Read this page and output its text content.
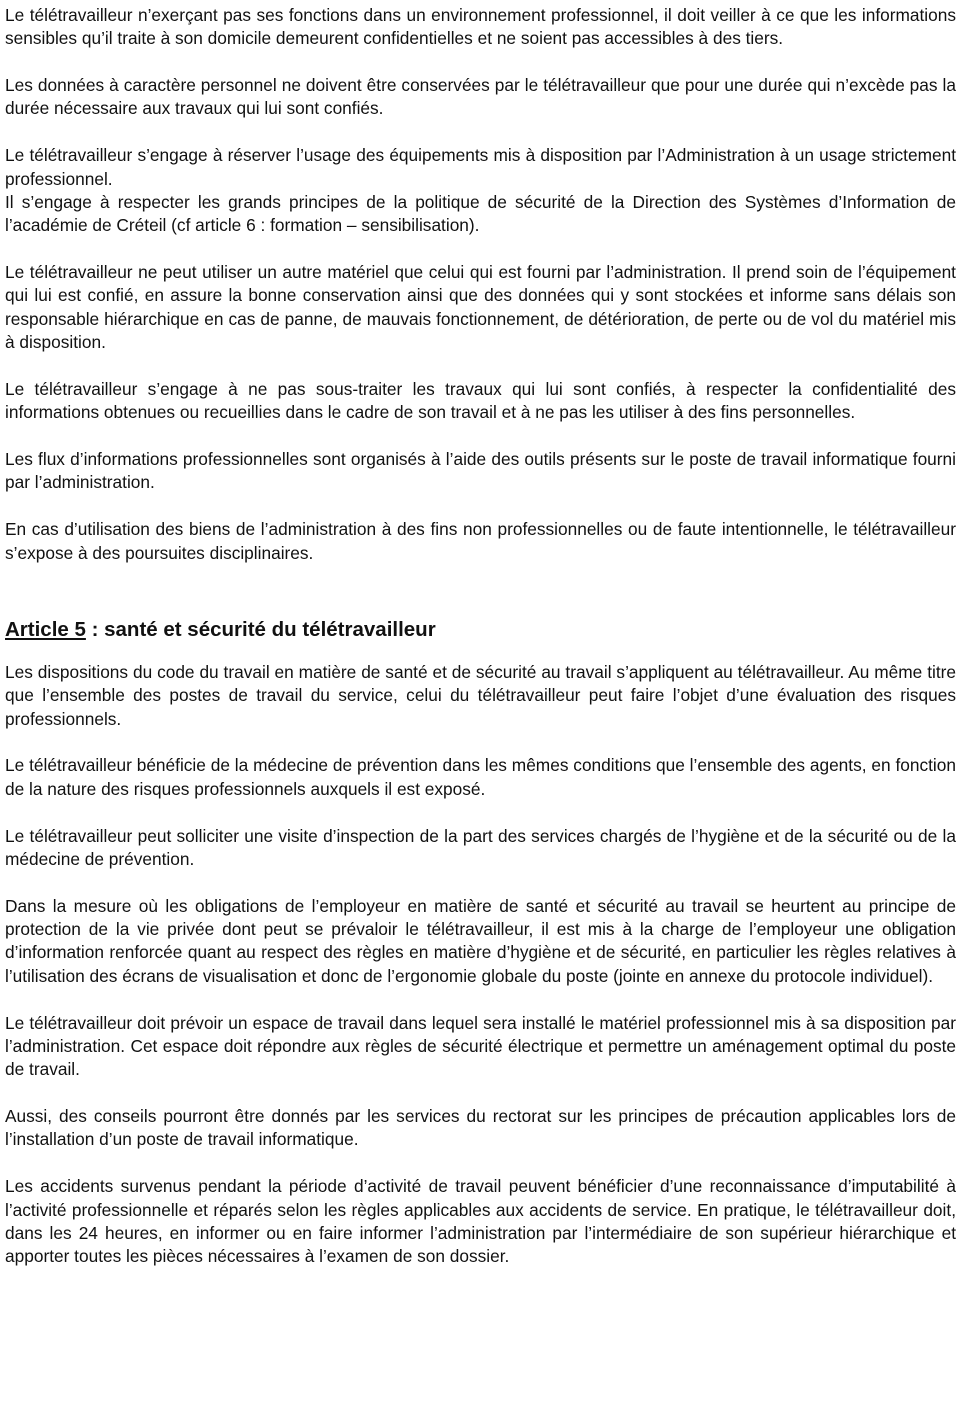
Le télétravailleur n’exerçant pas ses fonctions dans un environnement professionnel, il doit veiller à ce que les informations sensibles qu’il traite à son domicile demeurent confidentielles et ne soient pas accessibles à des tiers.

Les données à caractère personnel ne doivent être conservées par le télétravailleur que pour une durée qui n’excède pas la durée nécessaire aux travaux qui lui sont confiés.

Le télétravailleur s’engage à réserver l’usage des équipements mis à disposition par l’Administration à un usage strictement professionnel.

Il s’engage à respecter les grands principes de la politique de sécurité de la Direction des Systèmes d’Information de l’académie de Créteil (cf article 6 : formation – sensibilisation).

Le télétravailleur ne peut utiliser un autre matériel que celui qui est fourni par l’administration. Il prend soin de l’équipement qui lui est confié, en assure la bonne conservation ainsi que des données qui y sont stockées et informe sans délais son responsable hiérarchique en cas de panne, de mauvais fonctionnement, de détérioration, de perte ou de vol du matériel mis à disposition.

Le télétravailleur s’engage à ne pas sous-traiter les travaux qui lui sont confiés, à respecter la confidentialité des informations obtenues ou recueillies dans le cadre de son travail et à ne pas les utiliser à des fins personnelles.

Les flux d’informations professionnelles sont organisés à l’aide des outils présents sur le poste de travail informatique fourni par l’administration.

En cas d’utilisation des biens de l’administration à des fins non professionnelles ou de faute intentionnelle, le télétravailleur s’expose à des poursuites disciplinaires.

Article 5 : santé et sécurité du télétravailleur

Les dispositions du code du travail en matière de santé et de sécurité au travail s’appliquent au télétravailleur. Au même titre que l’ensemble des postes de travail du service, celui du télétravailleur peut faire l’objet d’une évaluation des risques professionnels.

Le télétravailleur bénéficie de la médecine de prévention dans les mêmes conditions que l’ensemble des agents, en fonction de la nature des risques professionnels auxquels il est exposé.

Le télétravailleur peut solliciter une visite d’inspection de la part des services chargés de l’hygiène et de la sécurité ou de la médecine de prévention.

Dans la mesure où les obligations de l’employeur en matière de santé et sécurité au travail se heurtent au principe de protection de la vie privée dont peut se prévaloir le télétravailleur, il est mis à la charge de l’employeur une obligation d’information renforcée quant au respect des règles en matière d’hygiène et de sécurité, en particulier les règles relatives à l’utilisation des écrans de visualisation et donc de l’ergonomie globale du poste (jointe en annexe du protocole individuel).

Le télétravailleur doit prévoir un espace de travail dans lequel sera installé le matériel professionnel mis à sa disposition par l’administration. Cet espace doit répondre aux règles de sécurité électrique et permettre un aménagement optimal du poste de travail.

Aussi, des conseils pourront être donnés par les services du rectorat sur les principes de précaution applicables lors de l’installation d’un poste de travail informatique.

Les accidents survenus pendant la période d’activité de travail peuvent bénéficier d’une reconnaissance d’imputabilité à l’activité professionnelle et réparés selon les règles applicables aux accidents de service. En pratique, le télétravailleur doit, dans les 24 heures, en informer ou en faire informer l’administration par l’intermédiaire de son supérieur hiérarchique et apporter toutes les pièces nécessaires à l’examen de son dossier.
